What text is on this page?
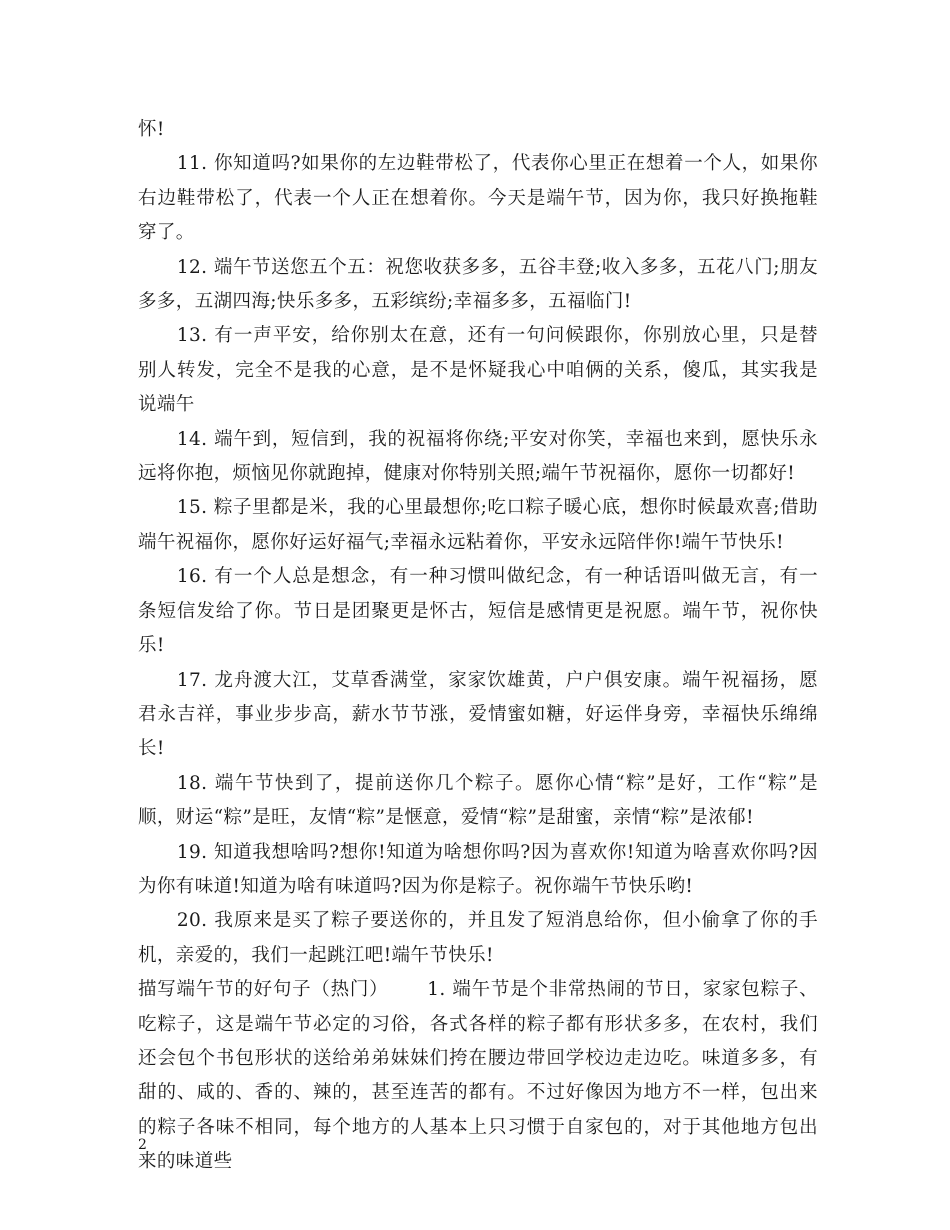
怀!

11. 你知道吗?如果你的左边鞋带松了，代表你心里正在想着一个人，如果你右边鞋带松了，代表一个人正在想着你。今天是端午节，因为你，我只好换拖鞋穿了。

12. 端午节送您五个五：祝您收获多多，五谷丰登;收入多多，五花八门;朋友多多，五湖四海;快乐多多，五彩缤纷;幸福多多，五福临门!

13. 有一声平安，给你别太在意，还有一句问候跟你，你别放心里，只是替别人转发，完全不是我的心意，是不是怀疑我心中咱俩的关系，傻瓜，其实我是说端午

14. 端午到，短信到，我的祝福将你绕;平安对你笑，幸福也来到，愿快乐永远将你抱，烦恼见你就跑掉，健康对你特别关照;端午节祝福你，愿你一切都好!

15. 粽子里都是米，我的心里最想你;吃口粽子暖心底，想你时候最欢喜;借助端午祝福你，愿你好运好福气;幸福永远粘着你，平安永远陪伴你!端午节快乐!

16. 有一个人总是想念，有一种习惯叫做纪念，有一种话语叫做无言，有一条短信发给了你。节日是团聚更是怀古，短信是感情更是祝愿。端午节，祝你快乐!

17. 龙舟渡大江，艾草香满堂，家家饮雄黄，户户俱安康。端午祝福扬，愿君永吉祥，事业步步高，薪水节节涨，爱情蜜如糖，好运伴身旁，幸福快乐绵绵长!

18. 端午节快到了，提前送你几个粽子。愿你心情“粽”是好，工作“粽”是顺，财运“粽”是旺，友情“粽”是惬意，爱情“粽”是甜蜜，亲情“粽”是浓郁!

19. 知道我想啥吗?想你!知道为啥想你吗?因为喜欢你!知道为啥喜欢你吗?因为你有味道!知道为啥有味道吗?因为你是粽子。祝你端午节快乐哟!

20. 我原来是买了粽子要送你的，并且发了短消息给你，但小偷拿了你的手机，亲爱的，我们一起跳江吧!端午节快乐!

描写端午节的好句子（热门） 1. 端午节是个非常热闹的节日，家家包粽子、吃粽子，这是端午节必定的习俗，各式各样的粽子都有形状多多，在农村，我们还会包个书包形状的送给弟弟妹妹们挎在腰边带回学校边走边吃。味道多多，有甜的、咸的、香的、辣的，甚至连苦的都有。不过好像因为地方不一样，包出来的粽子各味不相同，每个地方的人基本上只习惯于自家包的，对于其他地方包出来的味道些

2
